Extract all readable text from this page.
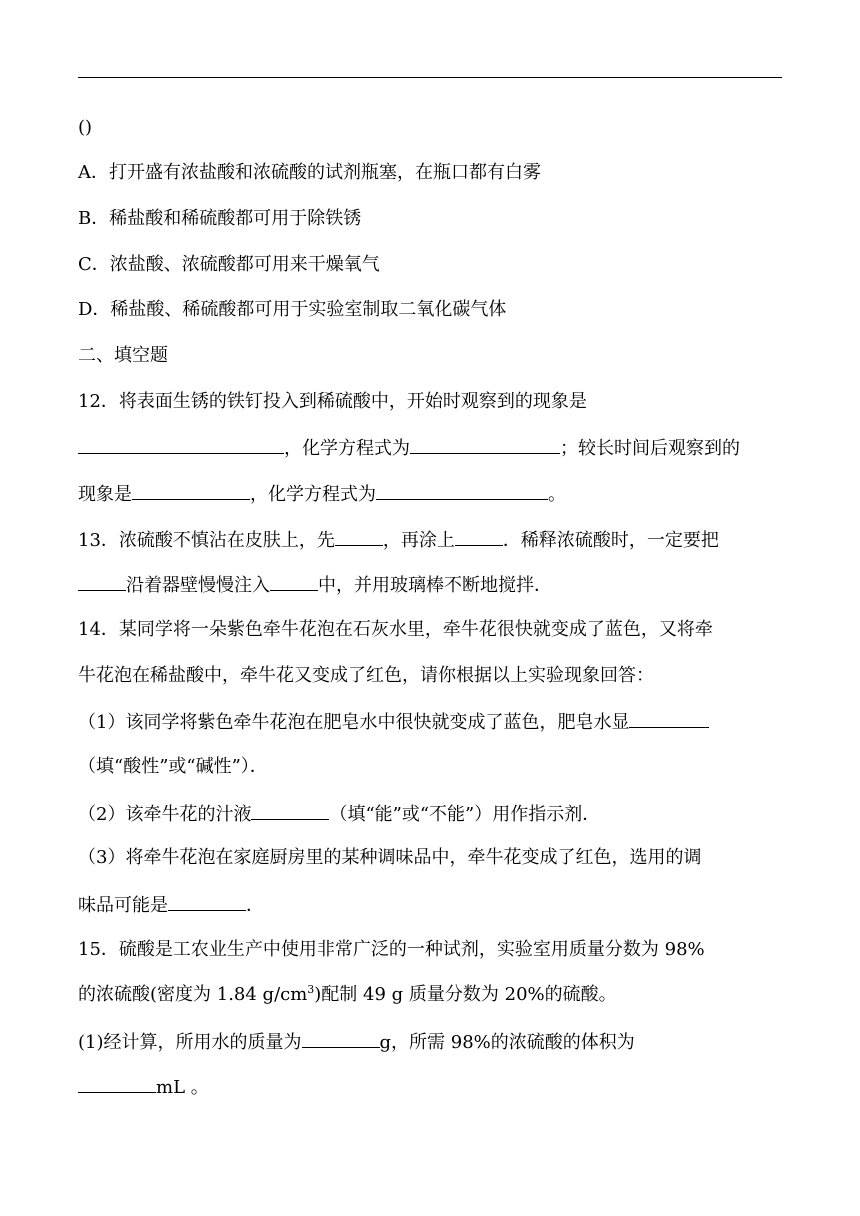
()
A．打开盛有浓盐酸和浓硫酸的试剂瓶塞，在瓶口都有白雾
B．稀盐酸和稀硫酸都可用于除铁锈
C．浓盐酸、浓硫酸都可用来干燥氧气
D．稀盐酸、稀硫酸都可用于实验室制取二氧化碳气体
二、填空题
12．将表面生锈的铁钉投入到稀硫酸中，开始时观察到的现象是
，化学方程式为	；较长时间后观察到的
现象是	，化学方程式为	。
13．浓硫酸不慎沾在皮肤上，先	，再涂上	．稀释浓硫酸时，一定要把
沿着器壁慢慢注入	中，并用玻璃棒不断地搅拌．
14．某同学将一朵紫色牵牛花泡在石灰水里，牵牛花很快就变成了蓝色，又将牵
牛花泡在稀盐酸中，牵牛花又变成了红色，请你根据以上实验现象回答：
（1）该同学将紫色牵牛花泡在肥皂水中很快就变成了蓝色，肥皂水显
（填“酸性”或“碱性”）．
（2）该牵牛花的汁液	（填“能”或“不能”）用作指示剂．
（3）将牵牛花泡在家庭厨房里的某种调味品中，牵牛花变成了红色，选用的调
味品可能是	．
15．硫酸是工农业生产中使用非常广泛的一种试剂，实验室用质量分数为 98%
的浓硫酸(密度为 1.84 $g/cm^3$)配制 49 g 质量分数为 20%的硫酸。
(1)经计算，所用水的质量为	g，所需 98%的浓硫酸的体积为
mL 。
